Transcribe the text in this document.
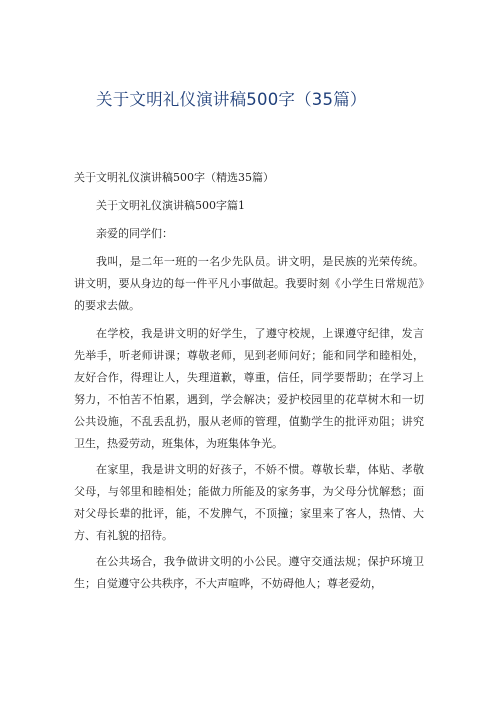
关于文明礼仪演讲稿500字（35篇）

关于文明礼仪演讲稿500字（精选35篇）

关于文明礼仪演讲稿500字篇1

亲爱的同学们：

我叫，是二年一班的一名少先队员。讲文明，是民族的光荣传统。讲文明，要从身边的每一件平凡小事做起。我要时刻《小学生日常规范》的要求去做。

在学校，我是讲文明的好学生，了遵守校规，上课遵守纪律，发言先举手，听老师讲课；尊敬老师，见到老师问好；能和同学和睦相处，友好合作，得理让人，失理道歉，尊重，信任，同学要帮助；在学习上努力，不怕苦不怕累，遇到，学会解决；爱护校园里的花草树木和一切公共设施，不乱丢乱扔，服从老师的管理，值勤学生的批评劝阻；讲究卫生，热爱劳动，班集体，为班集体争光。

在家里，我是讲文明的好孩子，不娇不惯。尊敬长辈，体贴、孝敬父母，与邻里和睦相处；能做力所能及的家务事，为父母分忧解愁；面对父母长辈的批评，能，不发脾气，不顶撞；家里来了客人，热情、大方、有礼貌的招待。

在公共场合，我争做讲文明的小公民。遵守交通法规；保护环境卫生；自觉遵守公共秩序，不大声喧哗，不妨碍他人；尊老爱幼，
